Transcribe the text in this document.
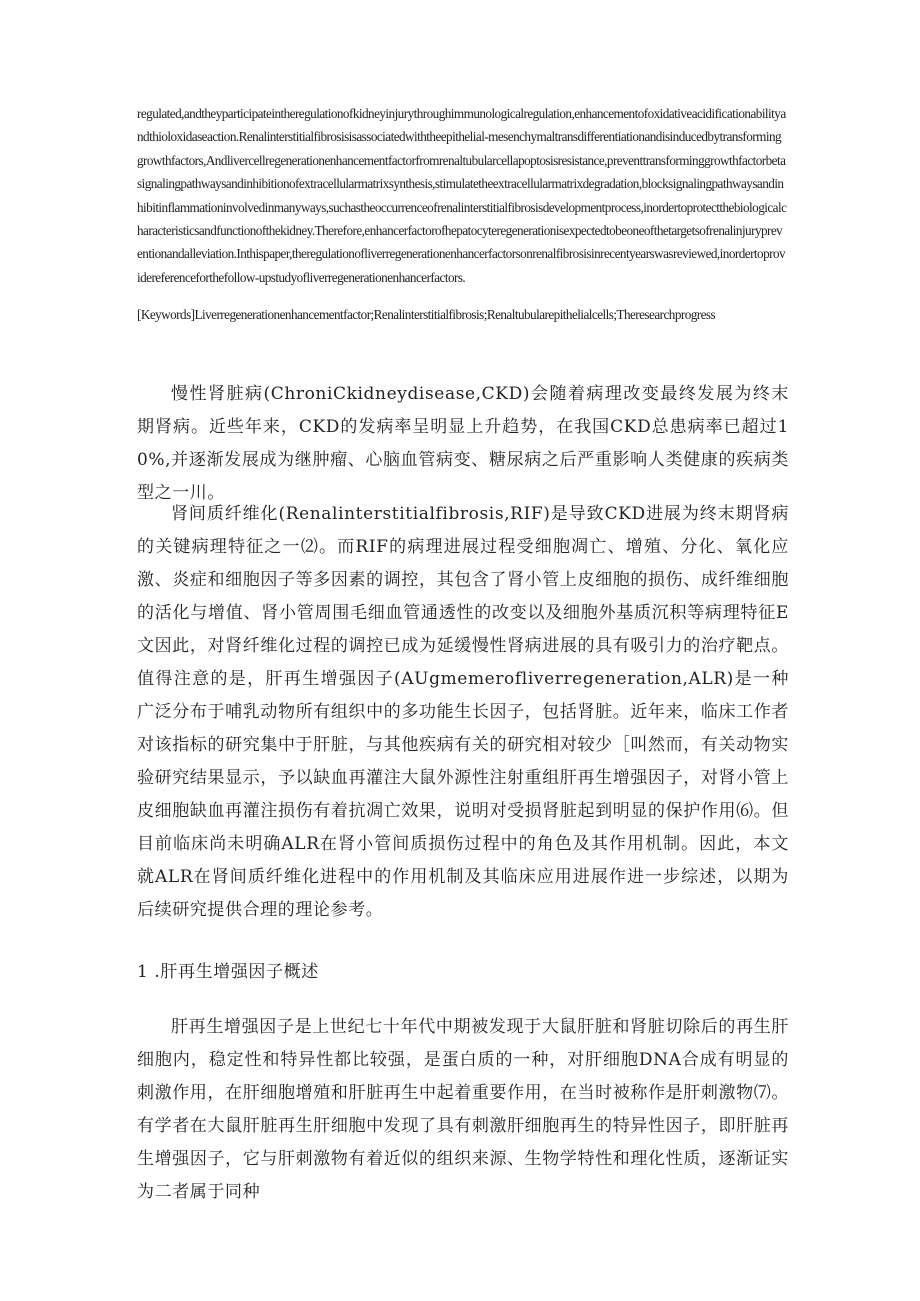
regulated,andtheyparticipateintheregulationofkidneyinjurythroughimmunologicalregulation,enhancementofoxidativeacidificationabilityandthioloxidaseaction.Renalinterstitialfibrosisisassociatedwiththeepithelial-mesenchymaltransdifferentiationandisinducedbytransforminggrowthfactors,Andlivercellregenerationenhancementfactorfromrenaltubularcellapoptosisresistance,preventtransforminggrowthfactorbetasignalingpathwaysandinhibitionofextracellularmatrixsynthesis,stimulatetheextracellularmatrixdegradation,blocksignalingpathwaysandinhibitinflammationinvolvedinmanyways,suchastheoccurrenceofrenalinterstitialfibrosisdevelopmentprocess,inordertoprotectthebiologicalcharacteristicsandfunctionofthekidney.Therefore,enhancerfactorofhepatocyteregenerationisexpectedtobeoneofthetargetsofrenalinjurypreventionandalleviation.Inthispaper,theregulationofliverregenerationenhancerfactorsonrenalfibrosisinrecentyearswasreviewed,inordertoprovidereferenceforthefollow-upstudyofliverregenerationenhancerfactors.
[Keywords]Liverregenerationenhancementfactor;Renalinterstitialfibrosis;Renaltubularepithelialcells;Theresearchprogress

慢性肾脏病(ChroniCkidneydisease,CKD)会随着病理改变最终发展为终末期肾病。近些年来，CKD的发病率呈明显上升趋势，在我国CKD总患病率已超过10%,并逐渐发展成为继肿瘤、心脑血管病变、糖尿病之后严重影响人类健康的疾病类型之一川。

肾间质纤维化(Renalinterstitialfibrosis,RIF)是导致CKD进展为终末期肾病的关键病理特征之一⑵。而RIF的病理进展过程受细胞凋亡、增殖、分化、氧化应激、炎症和细胞因子等多因素的调控，其包含了肾小管上皮细胞的损伤、成纤维细胞的活化与增值、肾小管周围毛细血管通透性的改变以及细胞外基质沉积等病理特征E文因此，对肾纤维化过程的调控已成为延缓慢性肾病进展的具有吸引力的治疗靶点。值得注意的是，肝再生增强因子(AUgmemerofliverregeneration,ALR)是一种广泛分布于哺乳动物所有组织中的多功能生长因子，包括肾脏。近年来，临床工作者对该指标的研究集中于肝脏，与其他疾病有关的研究相对较少［叫然而，有关动物实验研究结果显示，予以缺血再灌注大鼠外源性注射重组肝再生增强因子，对肾小管上皮细胞缺血再灌注损伤有着抗凋亡效果，说明对受损肾脏起到明显的保护作用⑹。但目前临床尚未明确ALR在肾小管间质损伤过程中的角色及其作用机制。因此，本文就ALR在肾间质纤维化进程中的作用机制及其临床应用进展作进一步综述，以期为后续研究提供合理的理论参考。

1 .肝再生增强因子概述

肝再生增强因子是上世纪七十年代中期被发现于大鼠肝脏和肾脏切除后的再生肝细胞内，稳定性和特异性都比较强，是蛋白质的一种，对肝细胞DNA合成有明显的刺激作用，在肝细胞增殖和肝脏再生中起着重要作用，在当时被称作是肝刺激物⑺。有学者在大鼠肝脏再生肝细胞中发现了具有刺激肝细胞再生的特异性因子，即肝脏再生增强因子，它与肝刺激物有着近似的组织来源、生物学特性和理化性质，逐渐证实为二者属于同种
